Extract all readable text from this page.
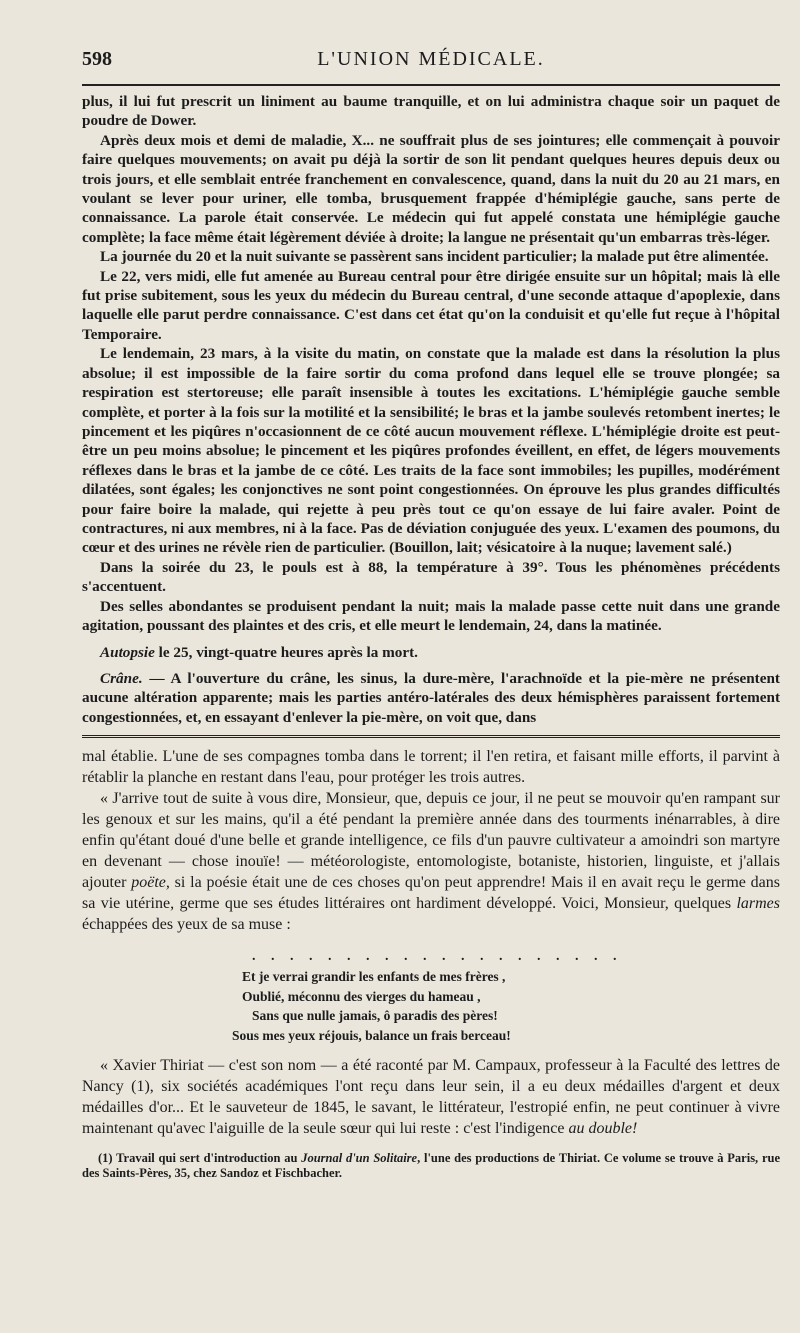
598	L'UNION MÉDICALE.

plus, il lui fut prescrit un liniment au baume tranquille, et on lui administra chaque soir un paquet de poudre de Dower.

Après deux mois et demi de maladie, X... ne souffrait plus de ses jointures; elle commençait à pouvoir faire quelques mouvements; on avait pu déjà la sortir de son lit pendant quelques heures depuis deux ou trois jours, et elle semblait entrée franchement en convalescence, quand, dans la nuit du 20 au 21 mars, en voulant se lever pour uriner, elle tomba, brusquement frappée d'hémiplégie gauche, sans perte de connaissance. La parole était conservée. Le médecin qui fut appelé constata une hémiplégie gauche complète; la face même était légèrement déviée à droite; la langue ne présentait qu'un embarras très-léger.

La journée du 20 et la nuit suivante se passèrent sans incident particulier; la malade put être alimentée.

Le 22, vers midi, elle fut amenée au Bureau central pour être dirigée ensuite sur un hôpital; mais là elle fut prise subitement, sous les yeux du médecin du Bureau central, d'une seconde attaque d'apoplexie, dans laquelle elle parut perdre connaissance. C'est dans cet état qu'on la conduisit et qu'elle fut reçue à l'hôpital Temporaire.

Le lendemain, 23 mars, à la visite du matin, on constate que la malade est dans la résolution la plus absolue; il est impossible de la faire sortir du coma profond dans lequel elle se trouve plongée; sa respiration est stertoreuse; elle paraît insensible à toutes les excitations. L'hémiplégie gauche semble complète, et porter à la fois sur la motilité et la sensibilité; le bras et la jambe soulevés retombent inertes; le pincement et les piqûres n'occasionnent de ce côté aucun mouvement réflexe. L'hémiplégie droite est peut-être un peu moins absolue; le pincement et les piqûres profondes éveillent, en effet, de légers mouvements réflexes dans le bras et la jambe de ce côté. Les traits de la face sont immobiles; les pupilles, modérément dilatées, sont égales; les conjonctives ne sont point congestionnées. On éprouve les plus grandes difficultés pour faire boire la malade, qui rejette à peu près tout ce qu'on essaye de lui faire avaler. Point de contractures, ni aux membres, ni à la face. Pas de déviation conjuguée des yeux. L'examen des poumons, du cœur et des urines ne révèle rien de particulier. (Bouillon, lait; vésicatoire à la nuque; lavement salé.)

Dans la soirée du 23, le pouls est à 88, la température à 39°. Tous les phénomènes précédents s'accentuent.

Des selles abondantes se produisent pendant la nuit; mais la malade passe cette nuit dans une grande agitation, poussant des plaintes et des cris, et elle meurt le lendemain, 24, dans la matinée.

Autopsie le 25, vingt-quatre heures après la mort.

Crâne. — A l'ouverture du crâne, les sinus, la dure-mère, l'arachnoïde et la pie-mère ne présentent aucune altération apparente; mais les parties antéro-latérales des deux hémisphères paraissent fortement congestionnées, et, en essayant d'enlever la pie-mère, on voit que, dans

mal établie. L'une de ses compagnes tomba dans le torrent; il l'en retira, et faisant mille efforts, il parvint à rétablir la planche en restant dans l'eau, pour protéger les trois autres.

« J'arrive tout de suite à vous dire, Monsieur, que, depuis ce jour, il ne peut se mouvoir qu'en rampant sur les genoux et sur les mains, qu'il a été pendant la première année dans des tourments inénarrables, à dire enfin qu'étant doué d'une belle et grande intelligence, ce fils d'un pauvre cultivateur a amoindri son martyre en devenant — chose inouïe! — météorologiste, entomologiste, botaniste, historien, linguiste, et j'allais ajouter poëte, si la poésie était une de ces choses qu'on peut apprendre! Mais il en avait reçu le germe dans sa vie utérine, germe que ses études littéraires ont hardiment développé. Voici, Monsieur, quelques larmes échappées des yeux de sa muse :

. . . . . . . . . . . . . . . . . . . .
Et je verrai grandir les enfants de mes frères ,
Oublié, méconnu des vierges du hameau ,
Sans que nulle jamais, ô paradis des pères!
Sous mes yeux réjouis, balance un frais berceau!

« Xavier Thiriat — c'est son nom — a été raconté par M. Campaux, professeur à la Faculté des lettres de Nancy (1), six sociétés académiques l'ont reçu dans leur sein, il a eu deux médailles d'argent et deux médailles d'or... Et le sauveteur de 1845, le savant, le littérateur, l'estropié enfin, ne peut continuer à vivre maintenant qu'avec l'aiguille de la seule sœur qui lui reste : c'est l'indigence au double!

(1) Travail qui sert d'introduction au Journal d'un Solitaire, l'une des productions de Thiriat. Ce volume se trouve à Paris, rue des Saints-Pères, 35, chez Sandoz et Fischbacher.
